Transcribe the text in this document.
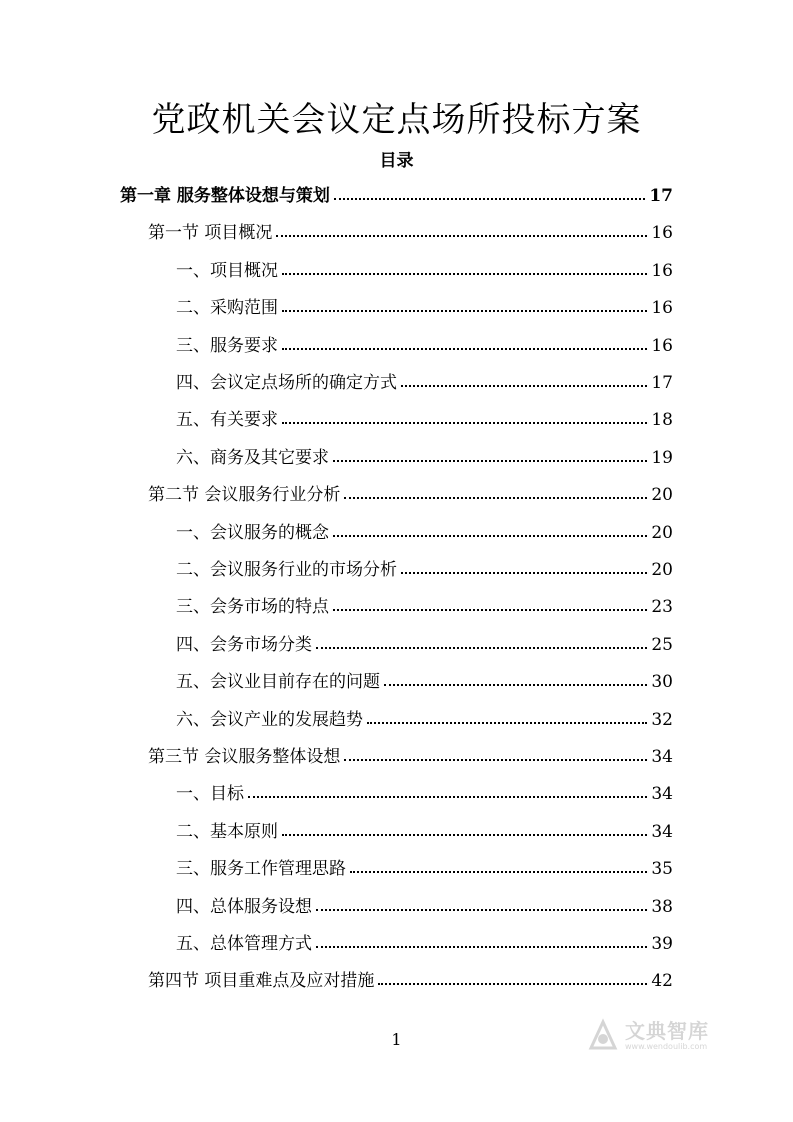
党政机关会议定点场所投标方案
目录
第一章 服务整体设想与策划	17
第一节 项目概况	16
一、项目概况	16
二、采购范围	16
三、服务要求	16
四、会议定点场所的确定方式	17
五、有关要求	18
六、商务及其它要求	19
第二节 会议服务行业分析	20
一、会议服务的概念	20
二、会议服务行业的市场分析	20
三、会务市场的特点	23
四、会务市场分类	25
五、会议业目前存在的问题	30
六、会议产业的发展趋势	32
第三节 会议服务整体设想	34
一、目标	34
二、基本原则	34
三、服务工作管理思路	35
四、总体服务设想	38
五、总体管理方式	39
第四节 项目重难点及应对措施	42
1	文典智库
www.wendoulib.com
